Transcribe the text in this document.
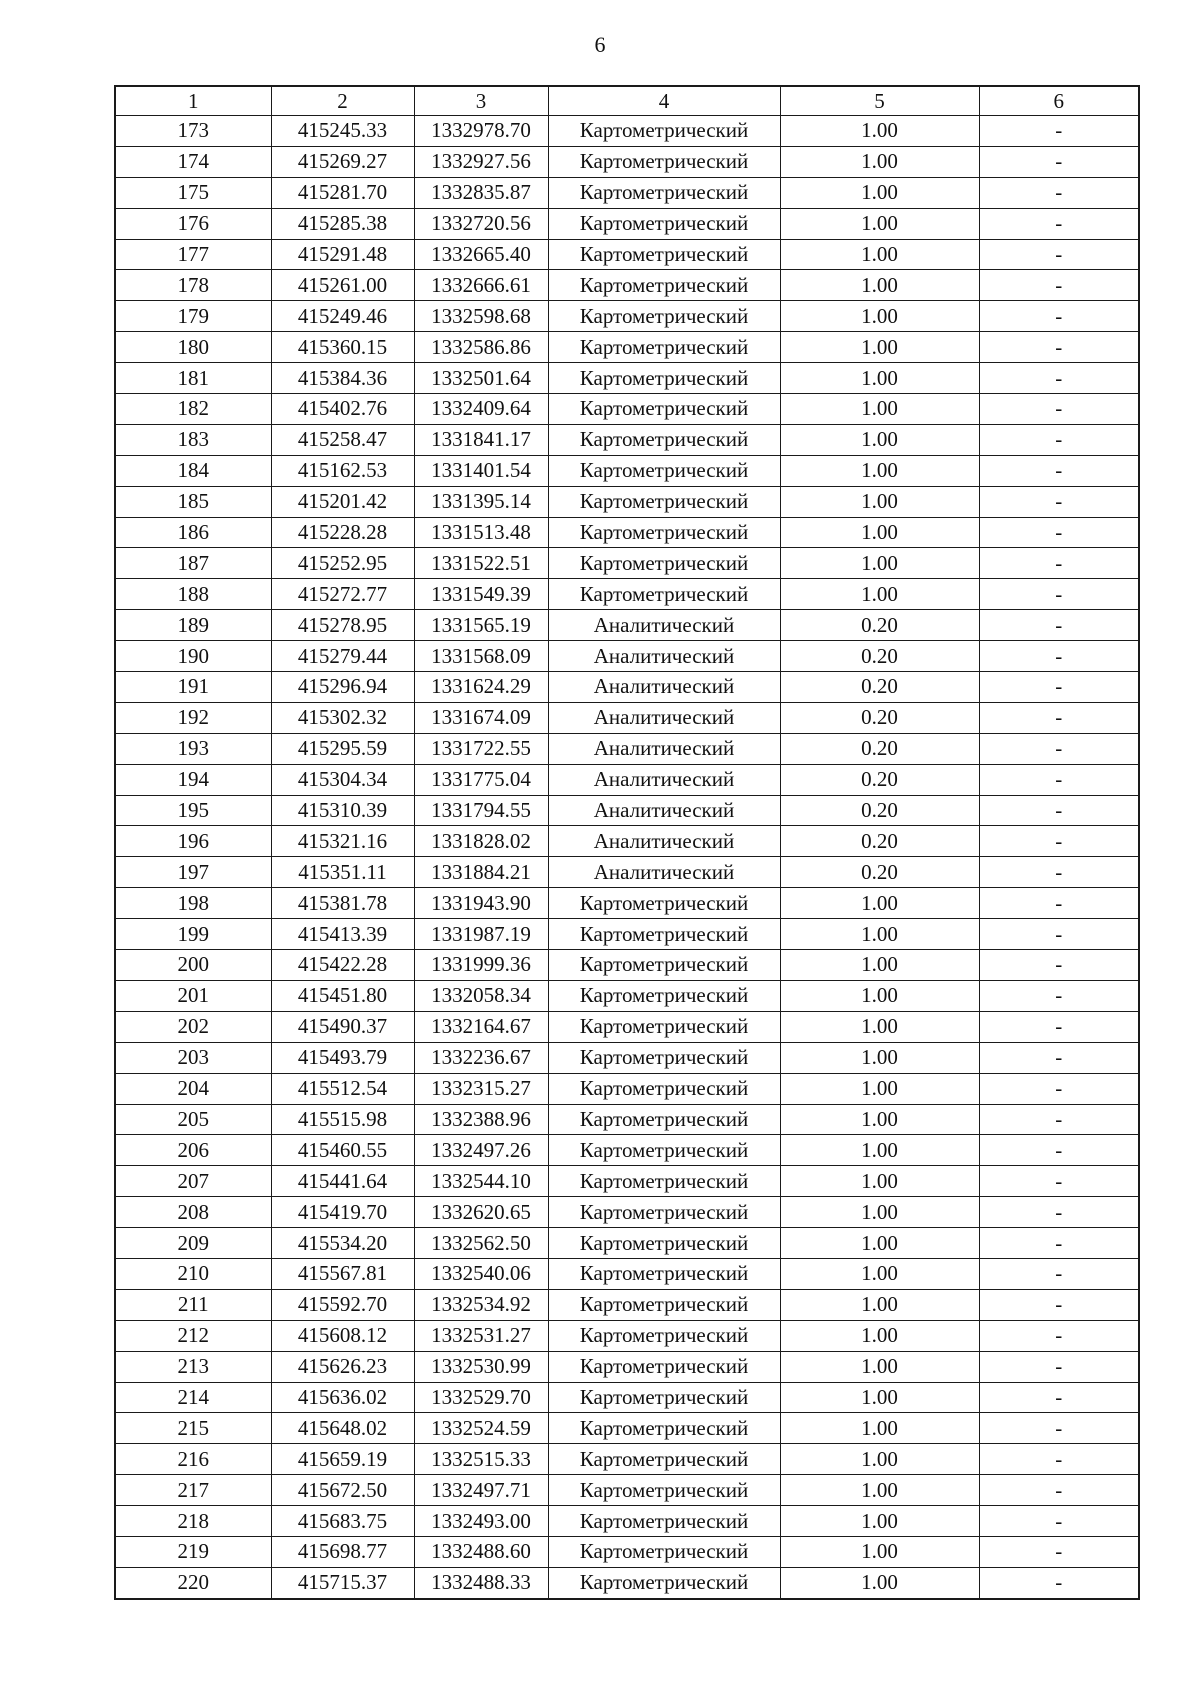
6
1	2	3	4	5	6
173	415245.33	1332978.70	Картометрический	1.00	-
174	415269.27	1332927.56	Картометрический	1.00	-
175	415281.70	1332835.87	Картометрический	1.00	-
176	415285.38	1332720.56	Картометрический	1.00	-
177	415291.48	1332665.40	Картометрический	1.00	-
178	415261.00	1332666.61	Картометрический	1.00	-
179	415249.46	1332598.68	Картометрический	1.00	-
180	415360.15	1332586.86	Картометрический	1.00	-
181	415384.36	1332501.64	Картометрический	1.00	-
182	415402.76	1332409.64	Картометрический	1.00	-
183	415258.47	1331841.17	Картометрический	1.00	-
184	415162.53	1331401.54	Картометрический	1.00	-
185	415201.42	1331395.14	Картометрический	1.00	-
186	415228.28	1331513.48	Картометрический	1.00	-
187	415252.95	1331522.51	Картометрический	1.00	-
188	415272.77	1331549.39	Картометрический	1.00	-
189	415278.95	1331565.19	Аналитический	0.20	-
190	415279.44	1331568.09	Аналитический	0.20	-
191	415296.94	1331624.29	Аналитический	0.20	-
192	415302.32	1331674.09	Аналитический	0.20	-
193	415295.59	1331722.55	Аналитический	0.20	-
194	415304.34	1331775.04	Аналитический	0.20	-
195	415310.39	1331794.55	Аналитический	0.20	-
196	415321.16	1331828.02	Аналитический	0.20	-
197	415351.11	1331884.21	Аналитический	0.20	-
198	415381.78	1331943.90	Картометрический	1.00	-
199	415413.39	1331987.19	Картометрический	1.00	-
200	415422.28	1331999.36	Картометрический	1.00	-
201	415451.80	1332058.34	Картометрический	1.00	-
202	415490.37	1332164.67	Картометрический	1.00	-
203	415493.79	1332236.67	Картометрический	1.00	-
204	415512.54	1332315.27	Картометрический	1.00	-
205	415515.98	1332388.96	Картометрический	1.00	-
206	415460.55	1332497.26	Картометрический	1.00	-
207	415441.64	1332544.10	Картометрический	1.00	-
208	415419.70	1332620.65	Картометрический	1.00	-
209	415534.20	1332562.50	Картометрический	1.00	-
210	415567.81	1332540.06	Картометрический	1.00	-
211	415592.70	1332534.92	Картометрический	1.00	-
212	415608.12	1332531.27	Картометрический	1.00	-
213	415626.23	1332530.99	Картометрический	1.00	-
214	415636.02	1332529.70	Картометрический	1.00	-
215	415648.02	1332524.59	Картометрический	1.00	-
216	415659.19	1332515.33	Картометрический	1.00	-
217	415672.50	1332497.71	Картометрический	1.00	-
218	415683.75	1332493.00	Картометрический	1.00	-
219	415698.77	1332488.60	Картометрический	1.00	-
220	415715.37	1332488.33	Картометрический	1.00	-
